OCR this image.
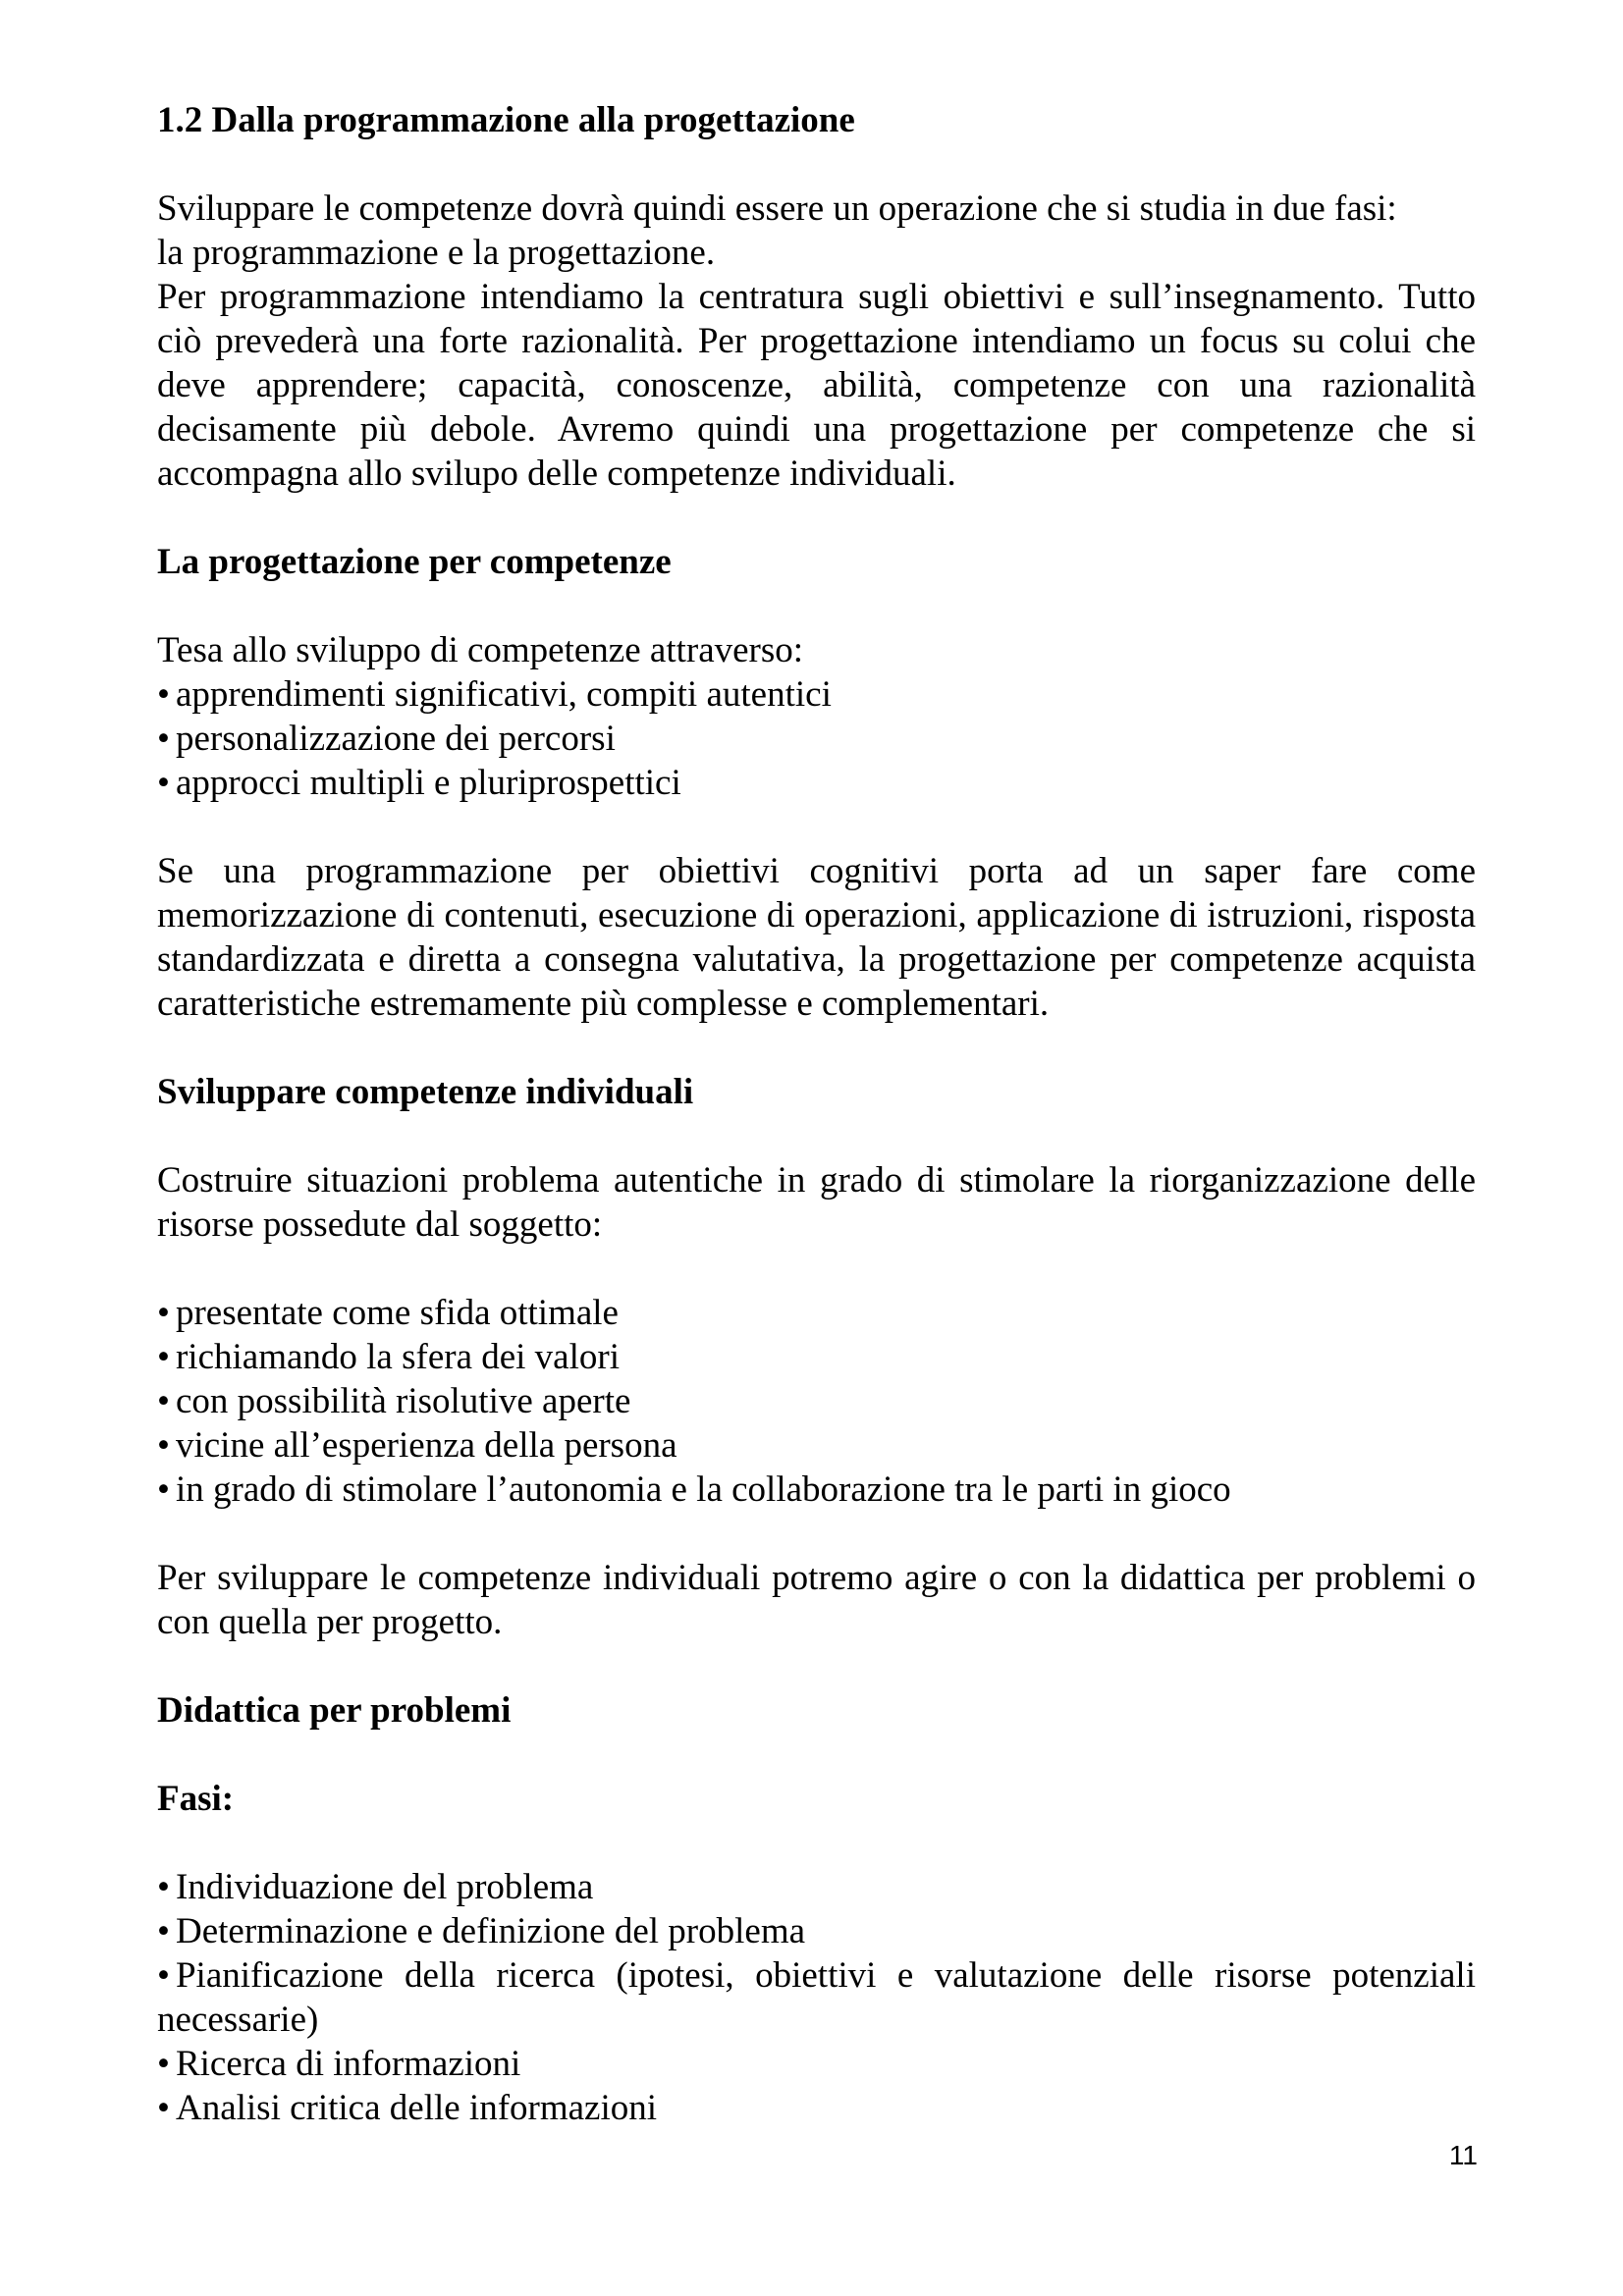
1.2 Dalla programmazione alla progettazione

Sviluppare le competenze dovrà quindi essere un operazione che si studia in due fasi:
la programmazione e la progettazione.

Per programmazione intendiamo la centratura sugli obiettivi e sull’insegnamento. Tutto ciò prevederà una forte razionalità. Per progettazione intendiamo un focus su colui che deve apprendere; capacità, conoscenze, abilità, competenze con una razionalità decisamente più debole. Avremo quindi una progettazione per competenze che si accompagna allo svilupo delle competenze individuali.

La progettazione per competenze

Tesa allo sviluppo di competenze attraverso:

• apprendimenti significativi, compiti autentici
• personalizzazione dei percorsi
• approcci multipli e pluriprospettici

Se una programmazione per obiettivi cognitivi porta ad un saper fare come memorizzazione di contenuti, esecuzione di operazioni, applicazione di istruzioni, risposta standardizzata e diretta a consegna valutativa, la progettazione per competenze acquista caratteristiche estremamente più complesse e complementari.

Sviluppare competenze individuali

Costruire situazioni problema autentiche in grado di stimolare la riorganizzazione delle risorse possedute dal soggetto:

• presentate come sfida ottimale
• richiamando la sfera dei valori
• con possibilità risolutive aperte
• vicine all’esperienza della persona
• in grado di stimolare l’autonomia e la collaborazione tra le parti in gioco

Per sviluppare le competenze individuali potremo agire o con la didattica per problemi o con quella per progetto.

Didattica per problemi
Fasi:
• Individuazione del problema
• Determinazione e definizione del problema
• Pianificazione della ricerca (ipotesi, obiettivi e valutazione delle risorse potenziali necessarie)
• Ricerca di informazioni
• Analisi critica delle informazioni
11
